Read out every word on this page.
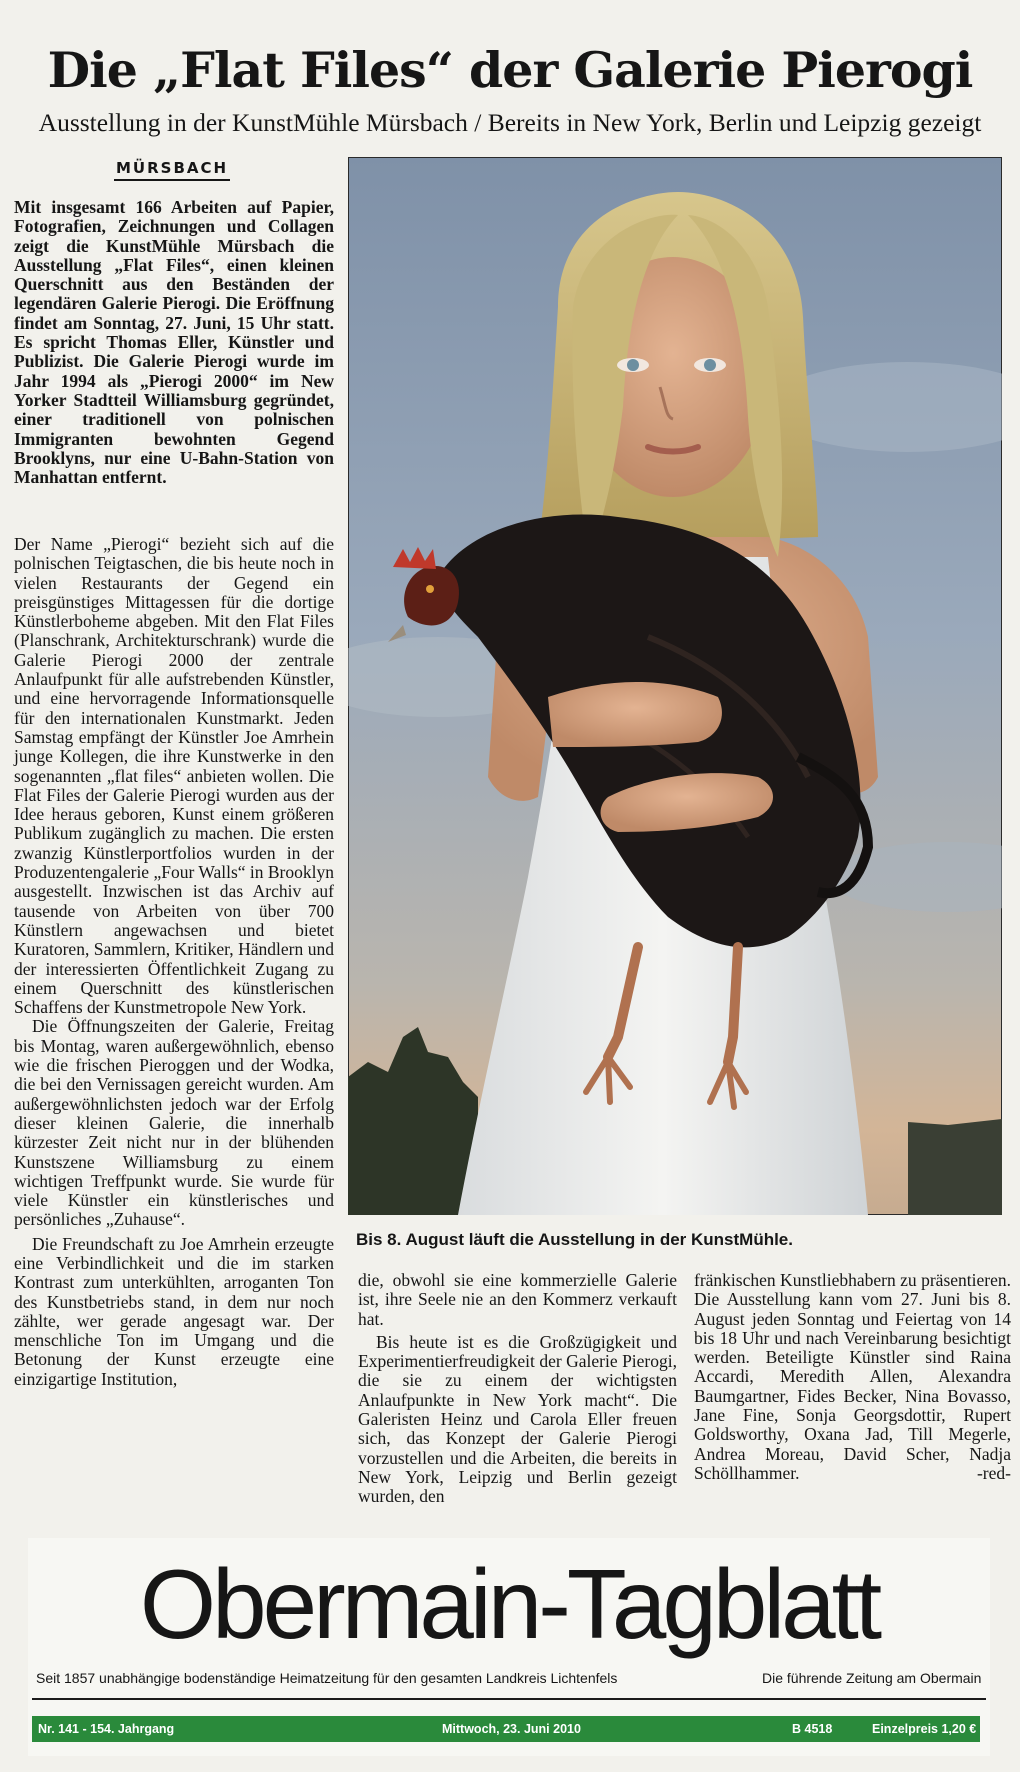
Die „Flat Files“ der Galerie Pierogi
Ausstellung in der KunstMühle Mürsbach / Bereits in New York, Berlin und Leipzig gezeigt
MÜRSBACH
Mit insgesamt 166 Arbeiten auf Papier, Fotografien, Zeichnungen und Collagen zeigt die KunstMühle Mürsbach die Ausstellung „Flat Files“, einen kleinen Querschnitt aus den Beständen der legendären Galerie Pierogi. Die Eröffnung findet am Sonntag, 27. Juni, 15 Uhr statt. Es spricht Thomas Eller, Künstler und Publizist. Die Galerie Pierogi wurde im Jahr 1994 als „Pierogi 2000“ im New Yorker Stadtteil Williamsburg gegründet, einer traditionell von polnischen Immigranten bewohnten Gegend Brooklyns, nur eine U-Bahn-Station von Manhattan entfernt.

Der Name „Pierogi“ bezieht sich auf die polnischen Teigtaschen, die bis heute noch in vielen Restaurants der Gegend ein preisgünstiges Mittagessen für die dortige Künstlerboheme abgeben. Mit den Flat Files (Planschrank, Architekturschrank) wurde die Galerie Pierogi 2000 der zentrale Anlaufpunkt für alle aufstrebenden Künstler, und eine hervorragende Informationsquelle für den internationalen Kunstmarkt. Jeden Samstag empfängt der Künstler Joe Amrhein junge Kollegen, die ihre Kunstwerke in den sogenannten „flat files“ anbieten wollen. Die Flat Files der Galerie Pierogi wurden aus der Idee heraus geboren, Kunst einem größeren Publikum zugänglich zu machen. Die ersten zwanzig Künstlerportfolios wurden in der Produzentengalerie „Four Walls“ in Brooklyn ausgestellt. Inzwischen ist das Archiv auf tausende von Arbeiten von über 700 Künstlern angewachsen und bietet Kuratoren, Sammlern, Kritiker, Händlern und der interessierten Öffentlichkeit Zugang zu einem Querschnitt des künstlerischen Schaffens der Kunstmetropole New York.

Die Öffnungszeiten der Galerie, Freitag bis Montag, waren außergewöhnlich, ebenso wie die frischen Pieroggen und der Wodka, die bei den Vernissagen gereicht wurden. Am außergewöhnlichsten jedoch war der Erfolg dieser kleinen Galerie, die innerhalb kürzester Zeit nicht nur in der blühenden Kunstszene Williamsburg zu einem wichtigen Treffpunkt wurde. Sie wurde für viele Künstler ein künstlerisches und persönliches „Zuhause“.

Die Freundschaft zu Joe Amrhein erzeugte eine Verbindlichkeit und die im starken Kontrast zum unterkühlten, arroganten Ton des Kunstbetriebs stand, in dem nur noch zählte, wer gerade angesagt war. Der menschliche Ton im Umgang und die Betonung der Kunst erzeugte eine einzigartige Institution,

Bis 8. August läuft die Ausstellung in der KunstMühle.

die, obwohl sie eine kommerzielle Galerie ist, ihre Seele nie an den Kommerz verkauft hat.

Bis heute ist es die Großzügigkeit und Experimentierfreudigkeit der Galerie Pierogi, die sie zu einem der wichtigsten Anlaufpunkte in New York macht“. Die Galeristen Heinz und Carola Eller freuen sich, das Konzept der Galerie Pierogi vorzustellen und die Arbeiten, die bereits in New York, Leipzig und Berlin gezeigt wurden, den

fränkischen Kunstliebhabern zu präsentieren. Die Ausstellung kann vom 27. Juni bis 8. August jeden Sonntag und Feiertag von 14 bis 18 Uhr und nach Vereinbarung besichtigt werden. Beteiligte Künstler sind Raina Accardi, Meredith Allen, Alexandra Baumgartner, Fides Becker, Nina Bovasso, Jane Fine, Sonja Georgsdottir, Rupert Goldsworthy, Oxana Jad, Till Megerle, Andrea Moreau, David Scher, Nadja Schöllhammer.	-red-

Obermain-Tagblatt
Seit 1857 unabhängige bodenständige Heimatzeitung für den gesamten Landkreis Lichtenfels	Die führende Zeitung am Obermain
Nr. 141 - 154. Jahrgang	Mittwoch, 23. Juni 2010	B 4518	Einzelpreis 1,20 €
